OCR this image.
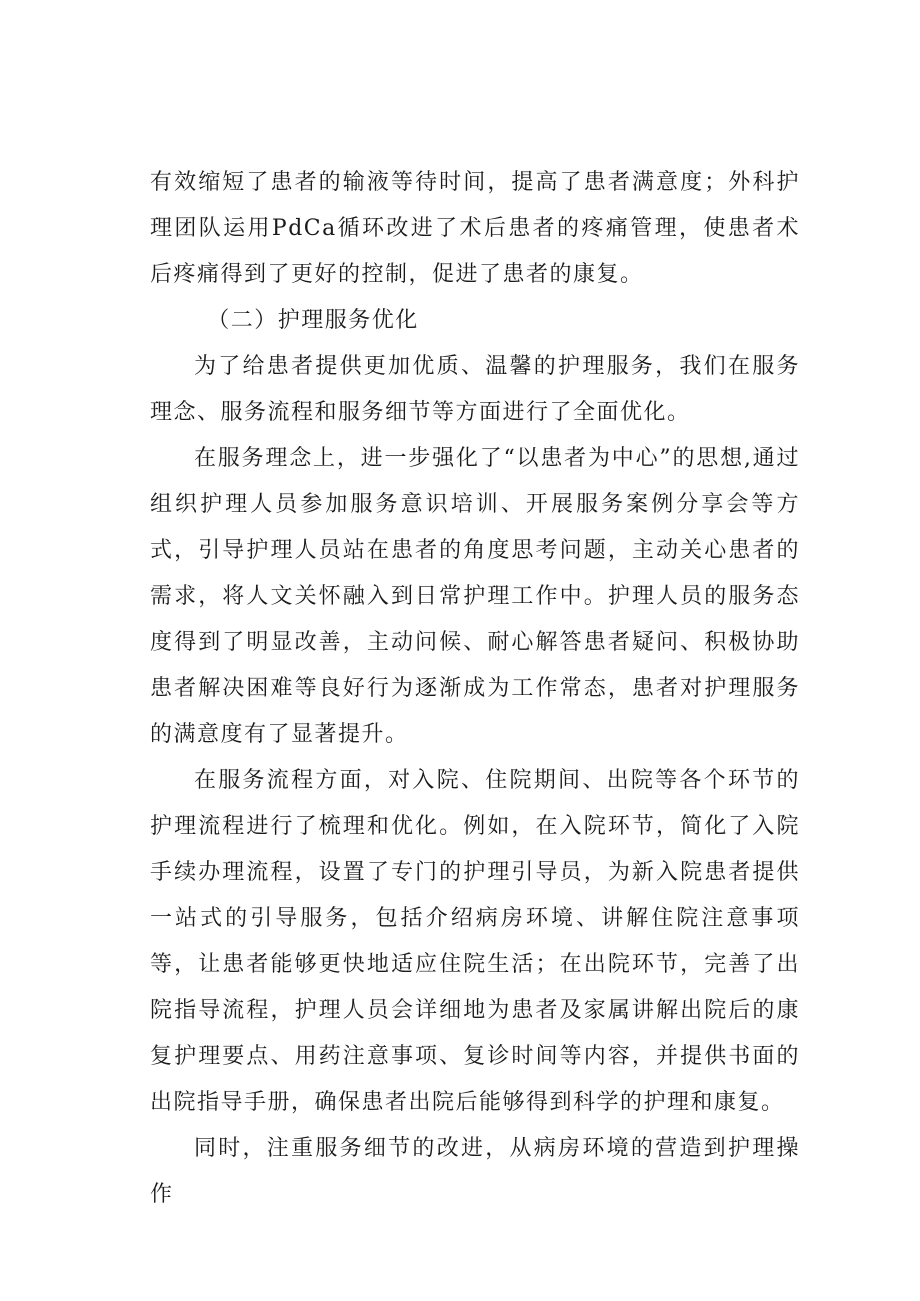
有效缩短了患者的输液等待时间，提高了患者满意度；外科护理团队运用PdCa循环改进了术后患者的疼痛管理，使患者术后疼痛得到了更好的控制，促进了患者的康复。

（二）护理服务优化

为了给患者提供更加优质、温馨的护理服务，我们在服务理念、服务流程和服务细节等方面进行了全面优化。

在服务理念上，进一步强化了“以患者为中心”的思想,通过组织护理人员参加服务意识培训、开展服务案例分享会等方式，引导护理人员站在患者的角度思考问题，主动关心患者的需求，将人文关怀融入到日常护理工作中。护理人员的服务态度得到了明显改善，主动问候、耐心解答患者疑问、积极协助患者解决困难等良好行为逐渐成为工作常态，患者对护理服务的满意度有了显著提升。

在服务流程方面，对入院、住院期间、出院等各个环节的护理流程进行了梳理和优化。例如，在入院环节，简化了入院手续办理流程，设置了专门的护理引导员，为新入院患者提供一站式的引导服务，包括介绍病房环境、讲解住院注意事项等，让患者能够更快地适应住院生活；在出院环节，完善了出院指导流程，护理人员会详细地为患者及家属讲解出院后的康复护理要点、用药注意事项、复诊时间等内容，并提供书面的出院指导手册，确保患者出院后能够得到科学的护理和康复。

同时，注重服务细节的改进，从病房环境的营造到护理操作
